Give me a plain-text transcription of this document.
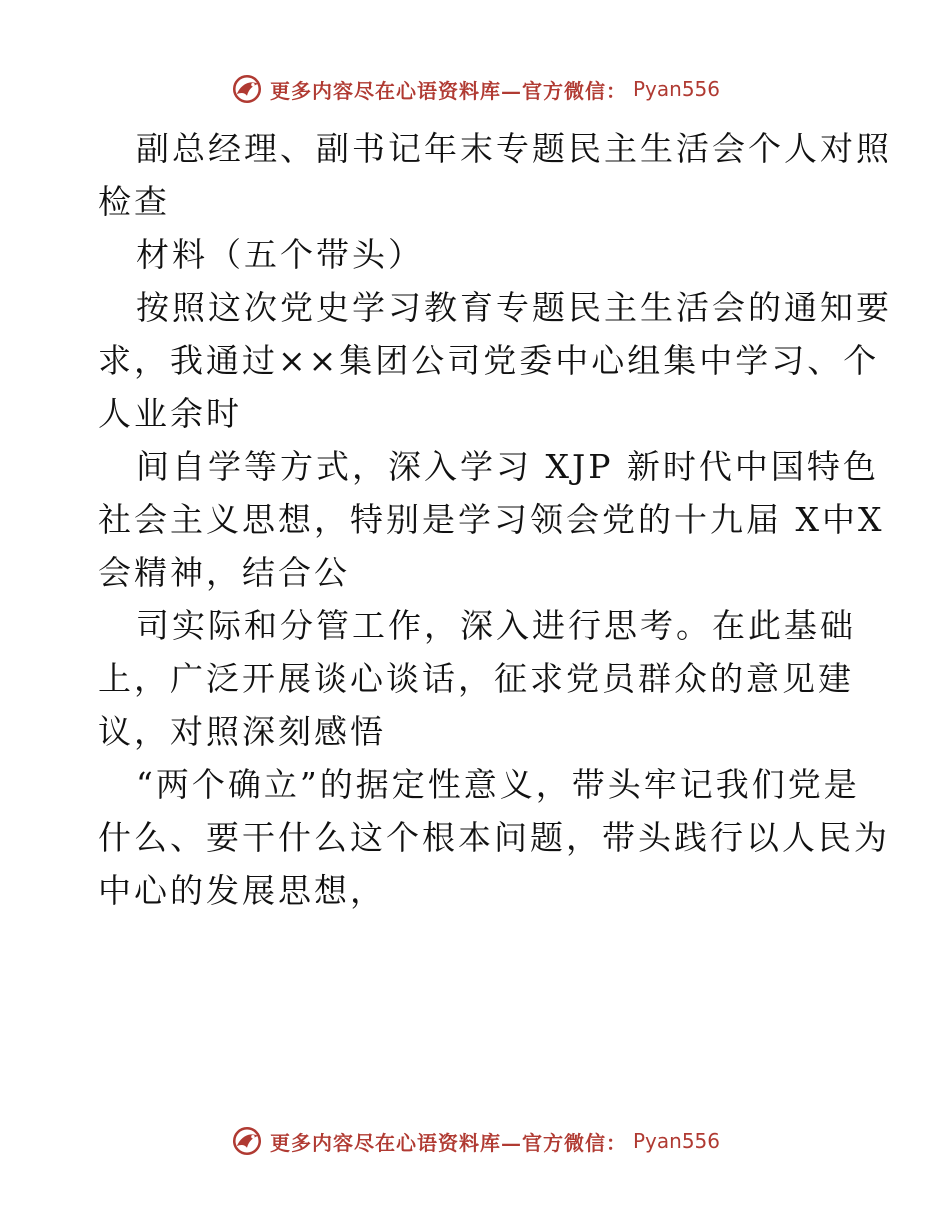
更多内容尽在心语资料库—官方微信： Pyan556
副总经理、副书记年末专题民主生活会个人对照
检查
材料（五个带头）
按照这次党史学习教育专题民主生活会的通知要
求，我通过××集团公司党委中心组集中学习、个
人业余时
间自学等方式，深入学习 XJP 新时代中国特色
社会主义思想，特别是学习领会党的十九届 X中X
会精神，结合公
司实际和分管工作，深入进行思考。在此基础
上，广泛开展谈心谈话，征求党员群众的意见建
议，对照深刻感悟
“两个确立”的据定性意义，带头牢记我们党是
什么、要干什么这个根本问题，带头践行以人民为
中心的发展思想，
更多内容尽在心语资料库—官方微信： Pyan556
